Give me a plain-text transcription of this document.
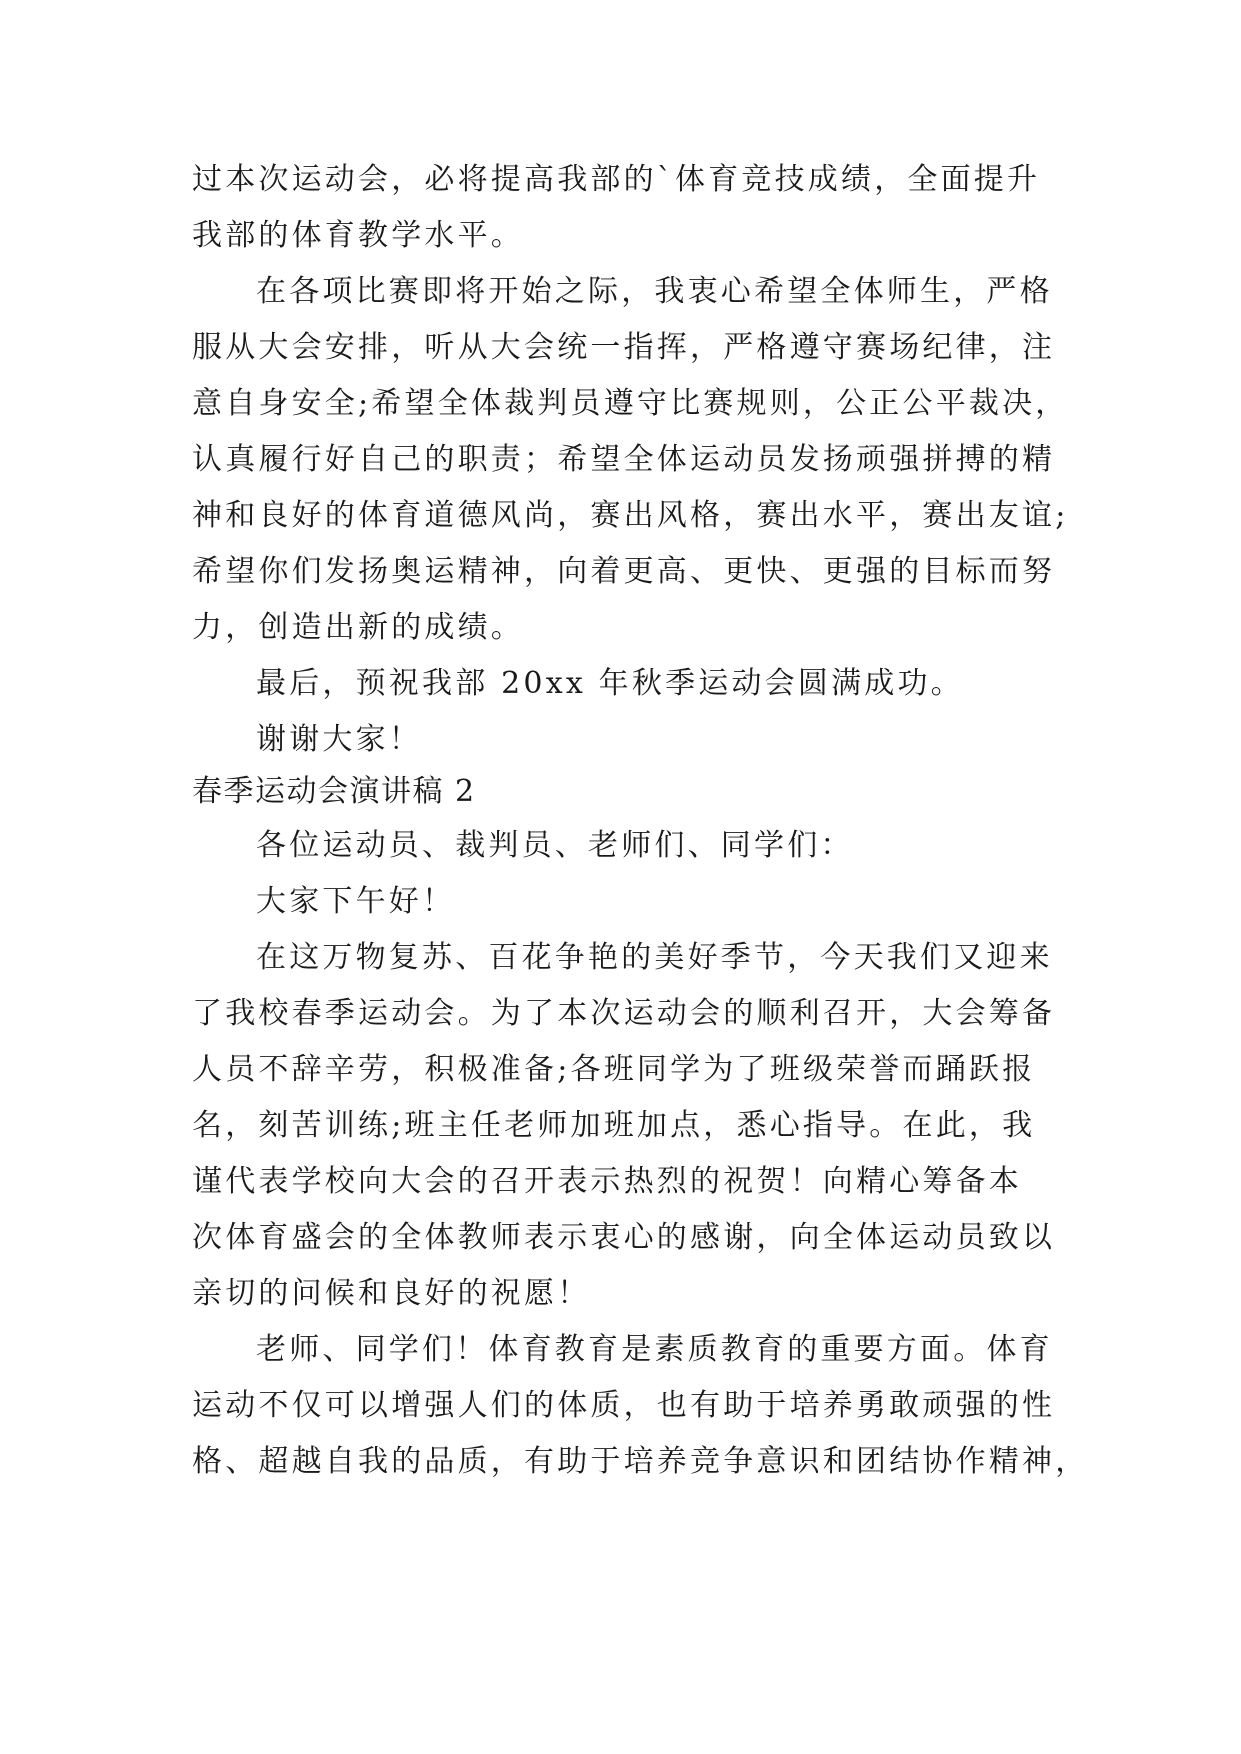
过本次运动会，必将提高我部的`体育竞技成绩，全面提升
我部的体育教学水平。
在各项比赛即将开始之际，我衷心希望全体师生，严格
服从大会安排，听从大会统一指挥，严格遵守赛场纪律，注
意自身安全;希望全体裁判员遵守比赛规则，公正公平裁决，
认真履行好自己的职责；希望全体运动员发扬顽强拼搏的精
神和良好的体育道德风尚，赛出风格，赛出水平，赛出友谊;
希望你们发扬奥运精神，向着更高、更快、更强的目标而努
力，创造出新的成绩。
最后，预祝我部 20xx 年秋季运动会圆满成功。
谢谢大家！
春季运动会演讲稿 2
各位运动员、裁判员、老师们、同学们：
大家下午好！
在这万物复苏、百花争艳的美好季节，今天我们又迎来
了我校春季运动会。为了本次运动会的顺利召开，大会筹备
人员不辞辛劳，积极准备;各班同学为了班级荣誉而踊跃报
名，刻苦训练;班主任老师加班加点，悉心指导。在此，我
谨代表学校向大会的召开表示热烈的祝贺！向精心筹备本
次体育盛会的全体教师表示衷心的感谢，向全体运动员致以
亲切的问候和良好的祝愿！
老师、同学们！体育教育是素质教育的重要方面。体育
运动不仅可以增强人们的体质，也有助于培养勇敢顽强的性
格、超越自我的品质，有助于培养竞争意识和团结协作精神，
